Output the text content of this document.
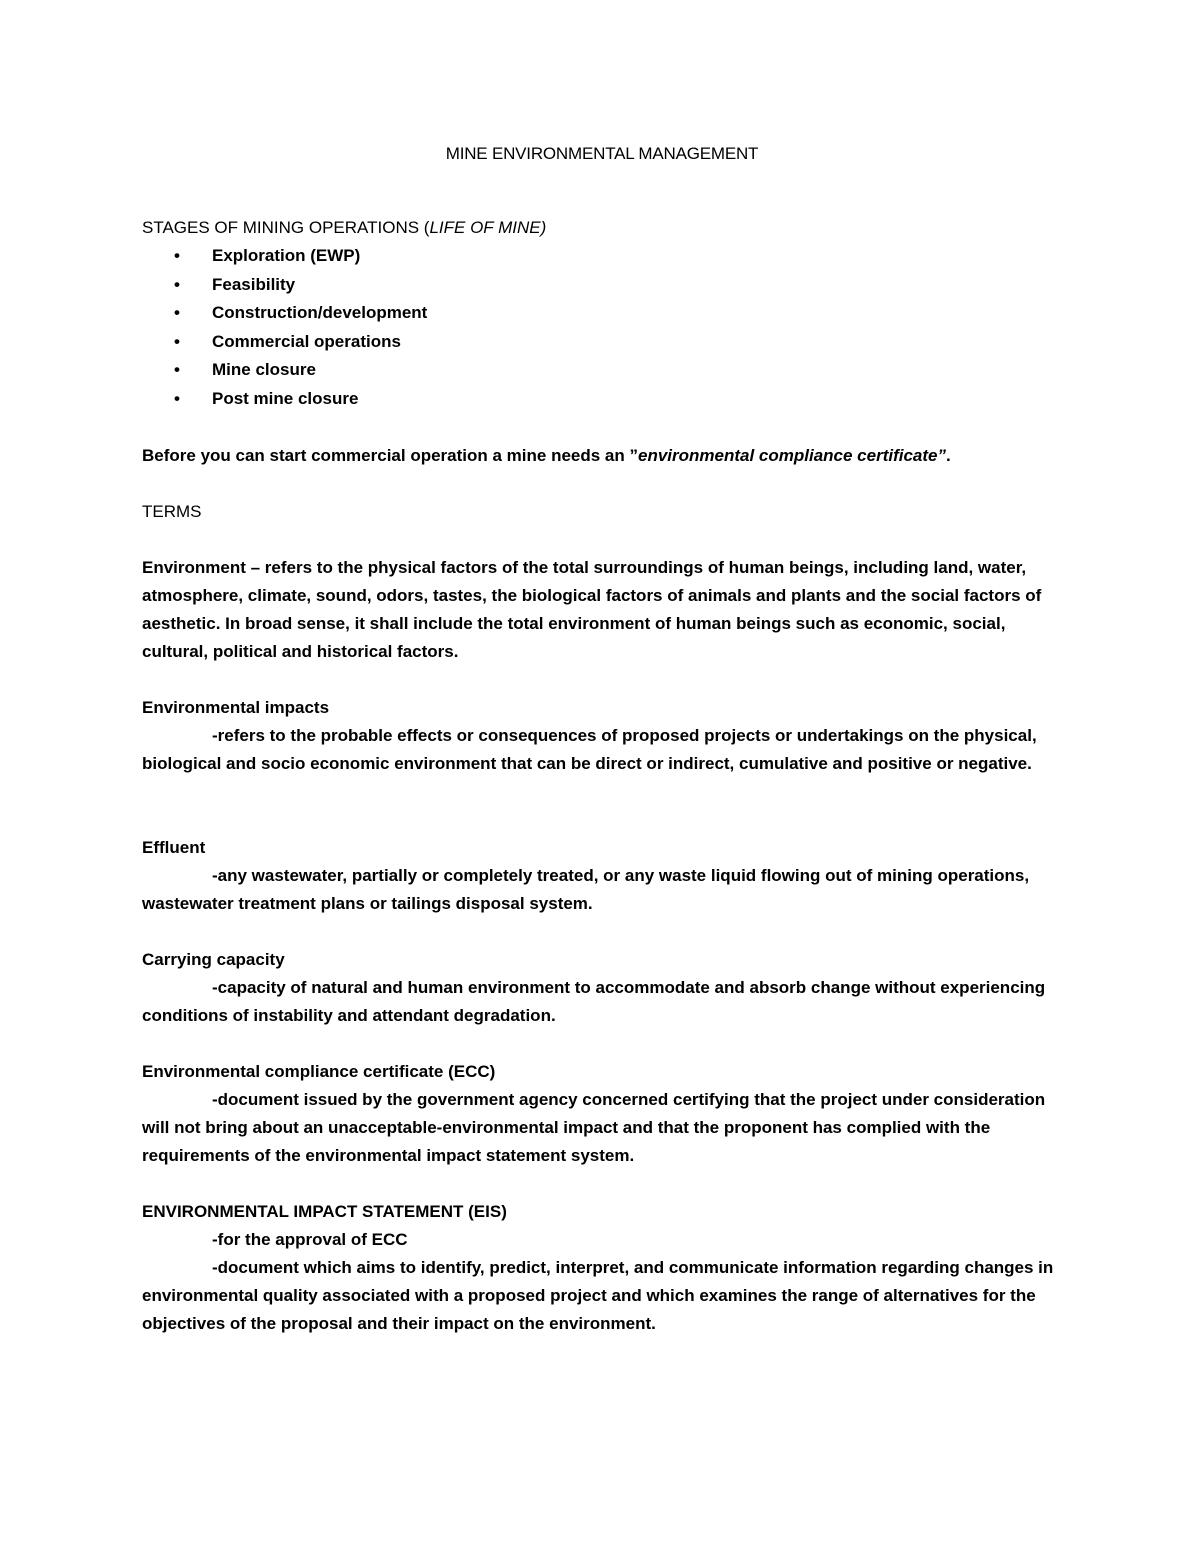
MINE ENVIRONMENTAL MANAGEMENT

STAGES OF MINING OPERATIONS (LIFE OF MINE)

• Exploration (EWP)
• Feasibility
• Construction/development
• Commercial operations
• Mine closure
• Post mine closure

Before you can start commercial operation a mine needs an ”environmental compliance certificate”.

TERMS

Environment – refers to the physical factors of the total surroundings of human beings, including land, water, atmosphere, climate, sound, odors, tastes, the biological factors of animals and plants and the social factors of aesthetic. In broad sense, it shall include the total environment of human beings such as economic, social, cultural, political and historical factors.

Environmental impacts

-refers to the probable effects or consequences of proposed projects or undertakings on the physical, biological and socio economic environment that can be direct or indirect, cumulative and positive or negative.

Effluent

-any wastewater, partially or completely treated, or any waste liquid flowing out of mining operations, wastewater treatment plans or tailings disposal system.

Carrying capacity

-capacity of natural and human environment to accommodate and absorb change without experiencing conditions of instability and attendant degradation.

Environmental compliance certificate (ECC)

-document issued by the government agency concerned certifying that the project under consideration will not bring about an unacceptable-environmental impact and that the proponent has complied with the requirements of the environmental impact statement system.

ENVIRONMENTAL IMPACT STATEMENT (EIS)

-for the approval of ECC

-document which aims to identify, predict, interpret, and communicate information regarding changes in environmental quality associated with a proposed project and which examines the range of alternatives for the objectives of the proposal and their impact on the environment.
